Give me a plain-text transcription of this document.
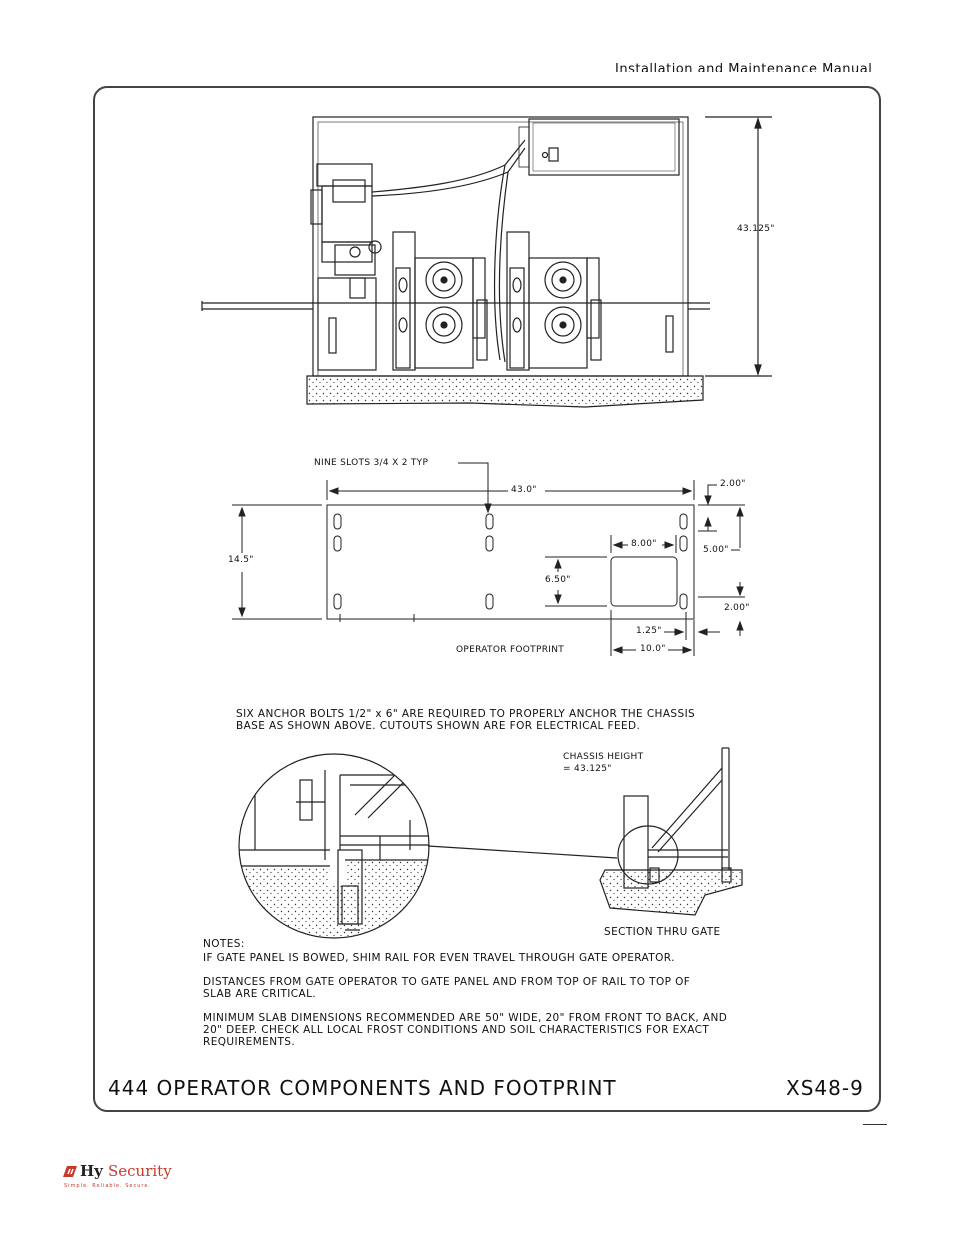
Installation and Maintenance Manual
43.125"
NINE SLOTS 3/4 X 2 TYP
43.0"
14.5"
2.00"
5.00"
8.00"
6.50"
2.00"
1.25"
10.0"
OPERATOR FOOTPRINT
SIX ANCHOR BOLTS 1/2" x 6" ARE REQUIRED TO PROPERLY ANCHOR THE CHASSIS
BASE AS SHOWN ABOVE. CUTOUTS SHOWN ARE FOR ELECTRICAL FEED.
CHASSIS HEIGHT
= 43.125"
SECTION THRU GATE
NOTES:
IF GATE PANEL IS BOWED, SHIM RAIL FOR EVEN TRAVEL THROUGH GATE OPERATOR.
DISTANCES FROM GATE OPERATOR TO GATE PANEL AND FROM TOP OF RAIL TO TOP OF
SLAB ARE CRITICAL.
MINIMUM SLAB DIMENSIONS RECOMMENDED ARE 50" WIDE, 20" FROM FRONT TO BACK, AND
20" DEEP. CHECK ALL LOCAL FROST CONDITIONS AND SOIL CHARACTERISTICS FOR EXACT
REQUIREMENTS.
444 OPERATOR COMPONENTS AND FOOTPRINT	XS48-9
Hy Security
Simple. Reliable. Secure.
